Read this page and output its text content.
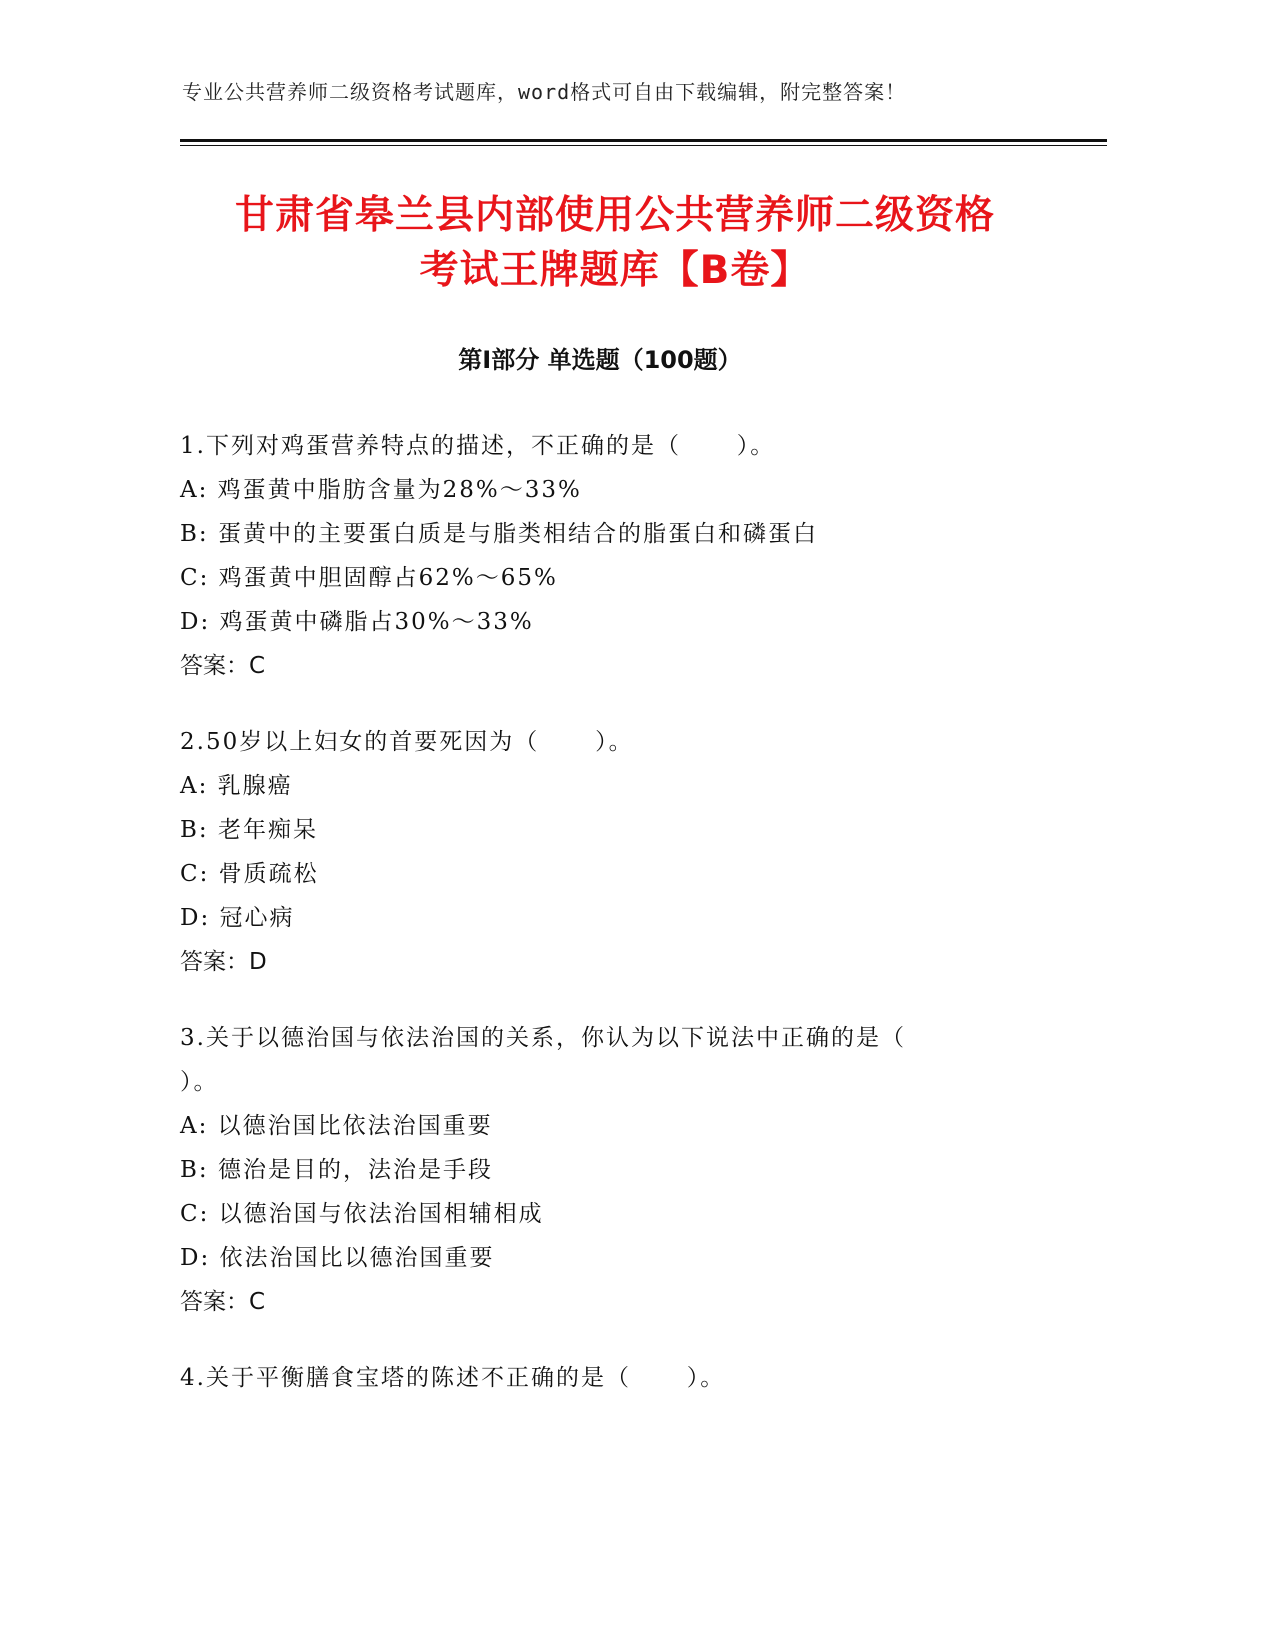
专业公共营养师二级资格考试题库，word格式可自由下载编辑，附完整答案！
甘肃省皋兰县内部使用公共营养师二级资格
考试王牌题库【B卷】
第Ⅰ部分 单选题（100题）
1.下列对鸡蛋营养特点的描述，不正确的是（      ）。
A: 鸡蛋黄中脂肪含量为28%～33%
B: 蛋黄中的主要蛋白质是与脂类相结合的脂蛋白和磷蛋白
C: 鸡蛋黄中胆固醇占62%～65%
D: 鸡蛋黄中磷脂占30%～33%
答案：C
2.50岁以上妇女的首要死因为（      ）。
A: 乳腺癌
B: 老年痴呆
C: 骨质疏松
D: 冠心病
答案：D
3.关于以德治国与依法治国的关系，你认为以下说法中正确的是（
）。
A: 以德治国比依法治国重要
B: 德治是目的，法治是手段
C: 以德治国与依法治国相辅相成
D: 依法治国比以德治国重要
答案：C
4.关于平衡膳食宝塔的陈述不正确的是（      ）。
